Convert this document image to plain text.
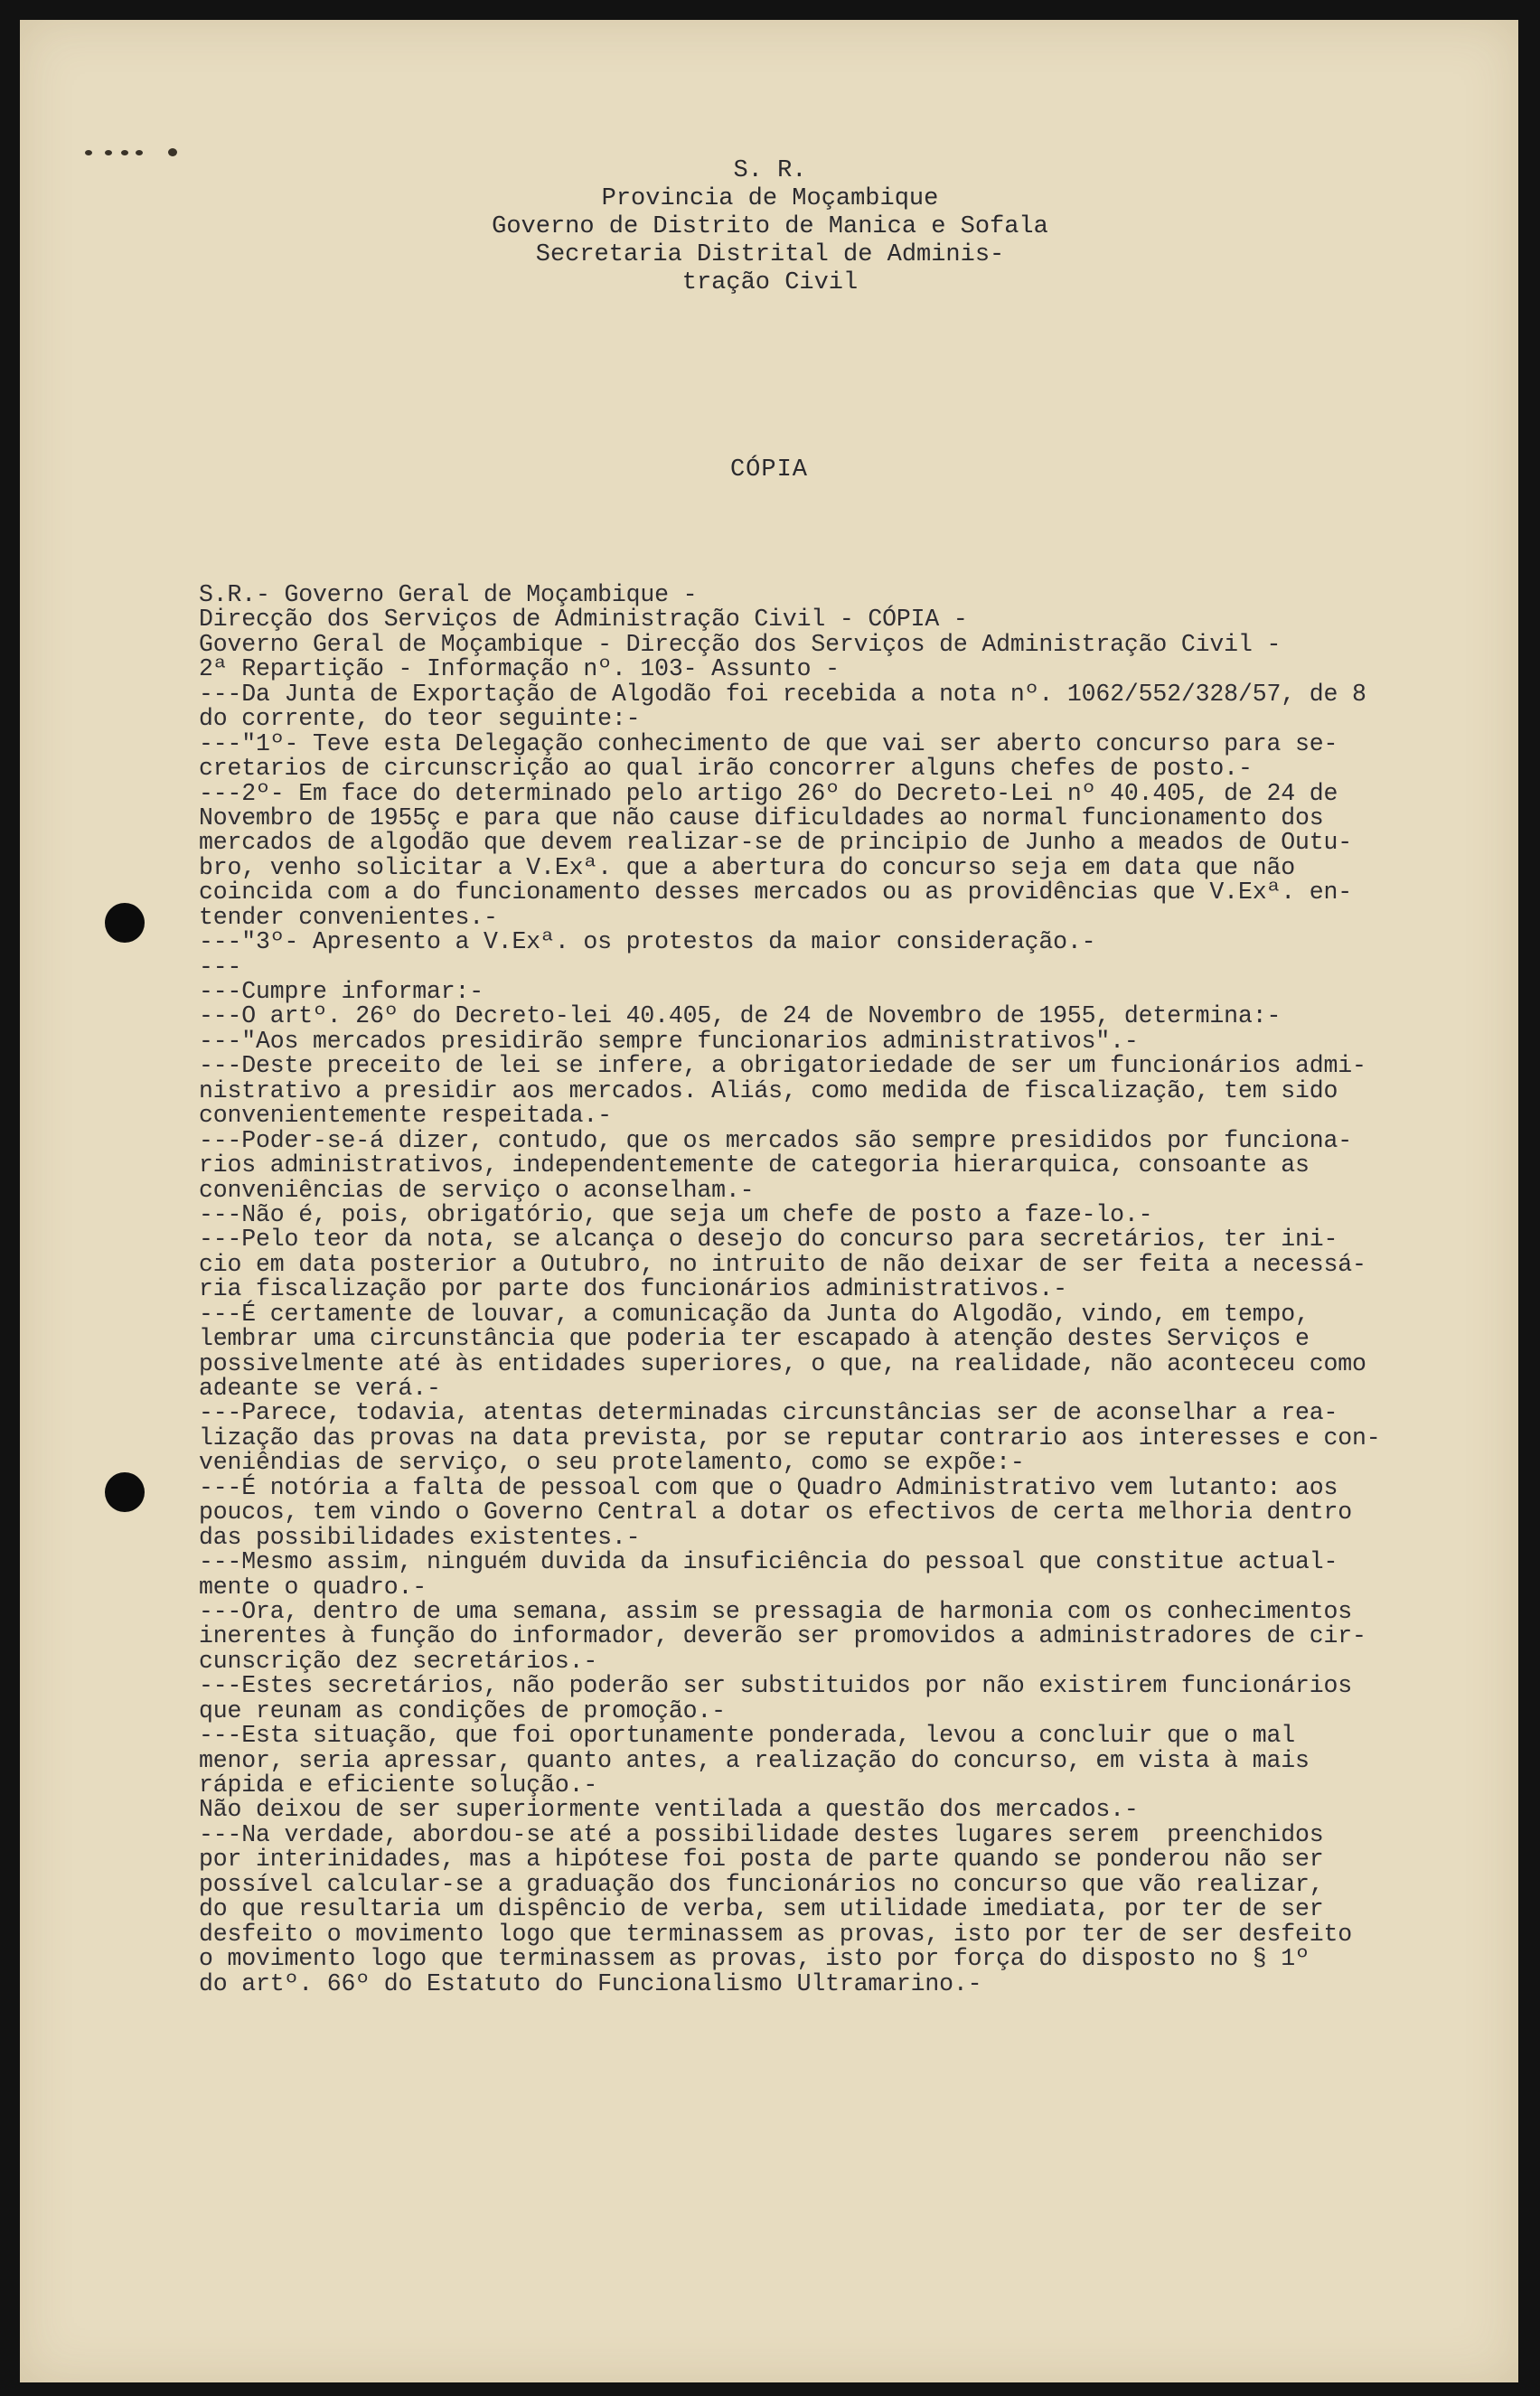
S. R.
Provincia de Moçambique
Governo de Distrito de Manica e Sofala
Secretaria Distrital de Adminis-
tração Civil
CÓPIA
S.R.- Governo Geral de Moçambique -
Direcção dos Serviços de Administração Civil - CÓPIA -
Governo Geral de Moçambique - Direcção dos Serviços de Administração Civil -
2ª Repartição - Informação nº. 103- Assunto -
---Da Junta de Exportação de Algodão foi recebida a nota nº. 1062/552/328/57, de 8
do corrente, do teor seguinte:-
---"1º- Teve esta Delegação conhecimento de que vai ser aberto concurso para se-
cretarios de circunscrição ao qual irão concorrer alguns chefes de posto.-
---2º- Em face do determinado pelo artigo 26º do Decreto-Lei nº 40.405, de 24 de
Novembro de 1955ç e para que não cause dificuldades ao normal funcionamento dos
mercados de algodão que devem realizar-se de principio de Junho a meados de Outu-
bro, venho solicitar a V.Exª. que a abertura do concurso seja em data que não
coincida com a do funcionamento desses mercados ou as providências que V.Exª. en-
tender convenientes.-
---"3º- Apresento a V.Exª. os protestos da maior consideração.-
---
---Cumpre informar:-
---O artº. 26º do Decreto-lei 40.405, de 24 de Novembro de 1955, determina:-
---"Aos mercados presidirão sempre funcionarios administrativos".-
---Deste preceito de lei se infere, a obrigatoriedade de ser um funcionários admi-
nistrativo a presidir aos mercados. Aliás, como medida de fiscalização, tem sido
convenientemente respeitada.-
---Poder-se-á dizer, contudo, que os mercados são sempre presididos por funciona-
rios administrativos, independentemente de categoria hierarquica, consoante as
conveniências de serviço o aconselham.-
---Não é, pois, obrigatório, que seja um chefe de posto a faze-lo.-
---Pelo teor da nota, se alcança o desejo do concurso para secretários, ter ini-
cio em data posterior a Outubro, no intruito de não deixar de ser feita a necessá-
ria fiscalização por parte dos funcionários administrativos.-
---É certamente de louvar, a comunicação da Junta do Algodão, vindo, em tempo,
lembrar uma circunstância que poderia ter escapado à atenção destes Serviços e
possivelmente até às entidades superiores, o que, na realidade, não aconteceu como
adeante se verá.-
---Parece, todavia, atentas determinadas circunstâncias ser de aconselhar a rea-
lização das provas na data prevista, por se reputar contrario aos interesses e con-
veniêndias de serviço, o seu protelamento, como se expõe:-
---É notória a falta de pessoal com que o Quadro Administrativo vem lutanto: aos
poucos, tem vindo o Governo Central a dotar os efectivos de certa melhoria dentro
das possibilidades existentes.-
---Mesmo assim, ninguém duvida da insuficiência do pessoal que constitue actual-
mente o quadro.-
---Ora, dentro de uma semana, assim se pressagia de harmonia com os conhecimentos
inerentes à função do informador, deverão ser promovidos a administradores de cir-
cunscrição dez secretários.-
---Estes secretários, não poderão ser substituidos por não existirem funcionários
que reunam as condições de promoção.-
---Esta situação, que foi oportunamente ponderada, levou a concluir que o mal
menor, seria apressar, quanto antes, a realização do concurso, em vista à mais
rápida e eficiente solução.-
Não deixou de ser superiormente ventilada a questão dos mercados.-
---Na verdade, abordou-se até a possibilidade destes lugares serem  preenchidos
por interinidades, mas a hipótese foi posta de parte quando se ponderou não ser
possível calcular-se a graduação dos funcionários no concurso que vão realizar,
do que resultaria um dispêncio de verba, sem utilidade imediata, por ter de ser
desfeito o movimento logo que terminassem as provas, isto por ter de ser desfeito
o movimento logo que terminassem as provas, isto por força do disposto no § 1º
do artº. 66º do Estatuto do Funcionalismo Ultramarino.-
